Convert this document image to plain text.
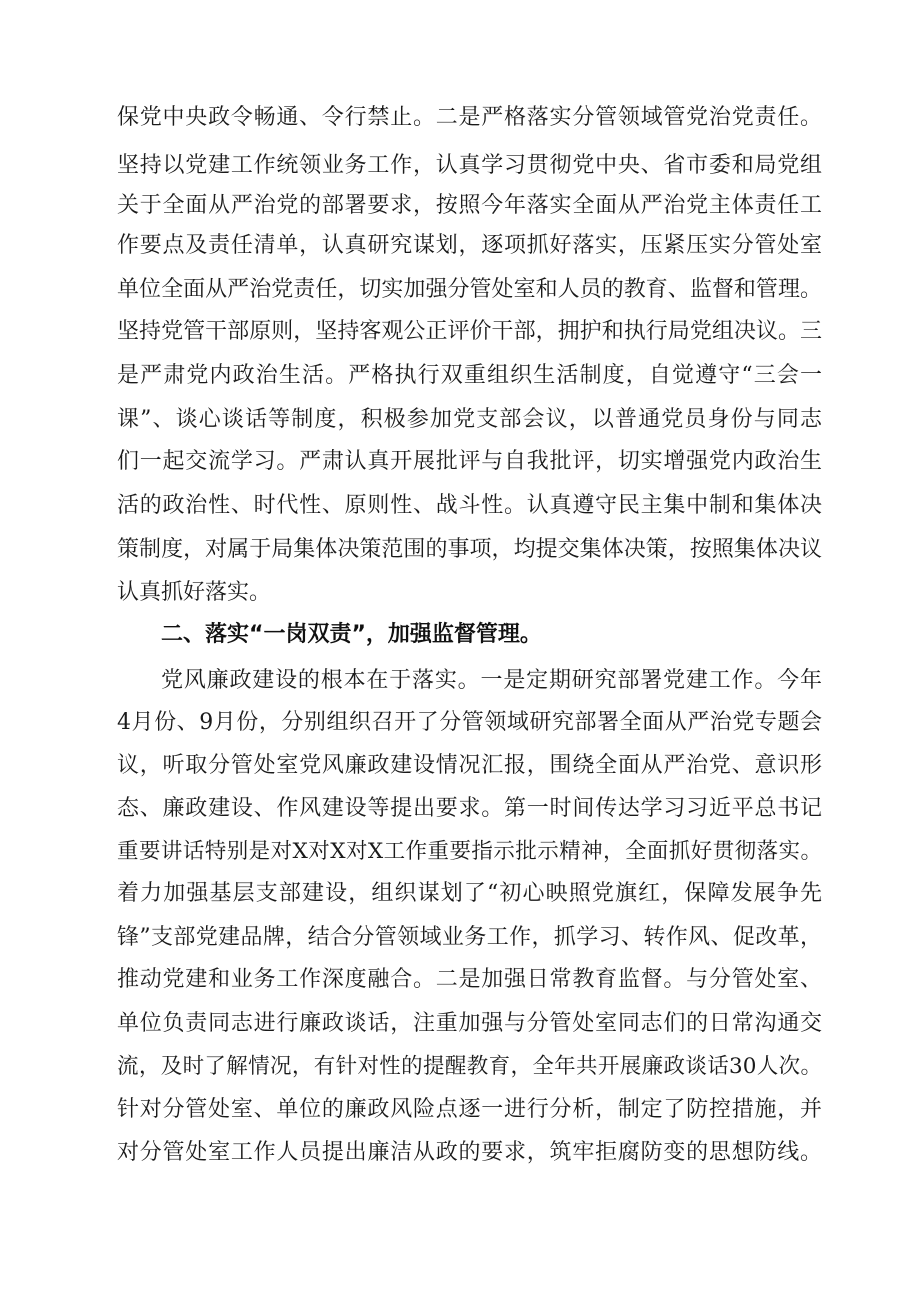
保党中央政令畅通、令行禁止。二是严格落实分管领域管党治党责任。
坚持以党建工作统领业务工作，认真学习贯彻党中央、省市委和局党组
关于全面从严治党的部署要求，按照今年落实全面从严治党主体责任工
作要点及责任清单，认真研究谋划，逐项抓好落实，压紧压实分管处室
单位全面从严治党责任，切实加强分管处室和人员的教育、监督和管理。
坚持党管干部原则，坚持客观公正评价干部，拥护和执行局党组决议。三
是严肃党内政治生活。严格执行双重组织生活制度，自觉遵守“三会一
课”、谈心谈话等制度，积极参加党支部会议，以普通党员身份与同志
们一起交流学习。严肃认真开展批评与自我批评，切实增强党内政治生
活的政治性、时代性、原则性、战斗性。认真遵守民主集中制和集体决
策制度，对属于局集体决策范围的事项，均提交集体决策，按照集体决议
认真抓好落实。
二、落实“一岗双责”，加强监督管理。
党风廉政建设的根本在于落实。一是定期研究部署党建工作。今年
4月份、9月份，分别组织召开了分管领域研究部署全面从严治党专题会
议，听取分管处室党风廉政建设情况汇报，围绕全面从严治党、意识形
态、廉政建设、作风建设等提出要求。第一时间传达学习习近平总书记
重要讲话特别是对X对X对X工作重要指示批示精神，全面抓好贯彻落实。
着力加强基层支部建设，组织谋划了“初心映照党旗红，保障发展争先
锋”支部党建品牌，结合分管领域业务工作，抓学习、转作风、促改革，
推动党建和业务工作深度融合。二是加强日常教育监督。与分管处室、
单位负责同志进行廉政谈话，注重加强与分管处室同志们的日常沟通交
流，及时了解情况，有针对性的提醒教育，全年共开展廉政谈话30人次。
针对分管处室、单位的廉政风险点逐一进行分析，制定了防控措施，并
对分管处室工作人员提出廉洁从政的要求，筑牢拒腐防变的思想防线。
